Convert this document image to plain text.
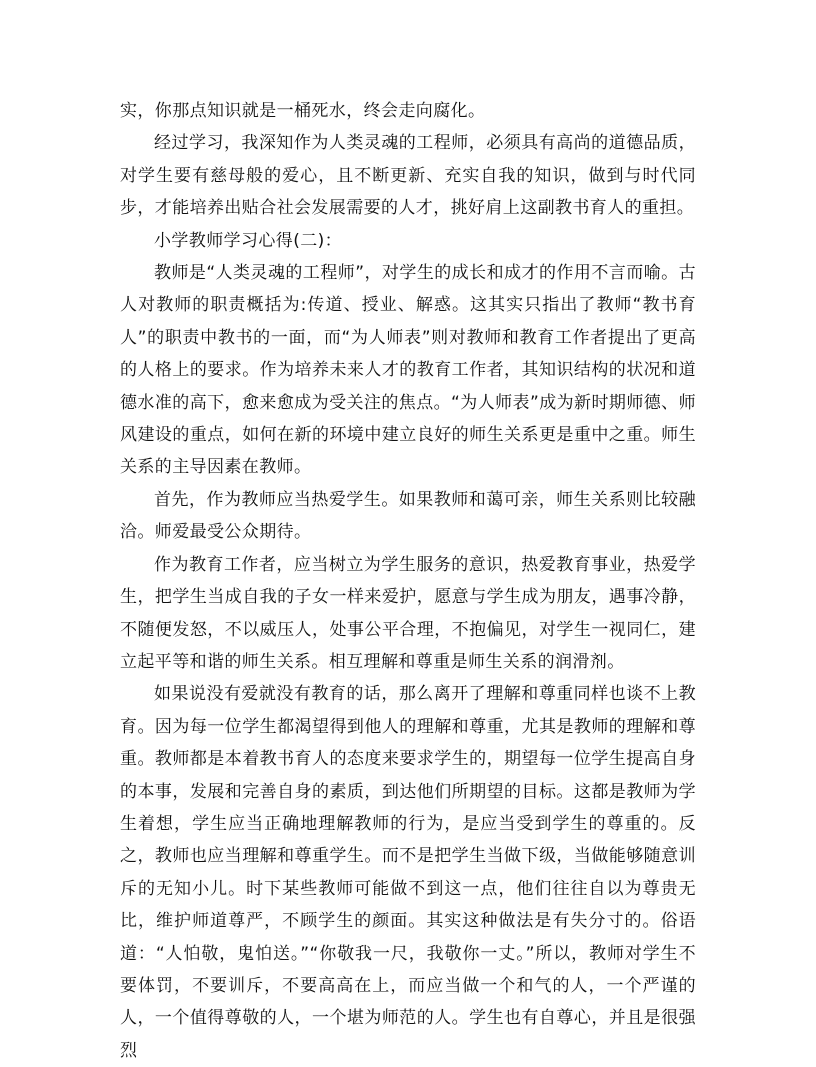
实，你那点知识就是一桶死水，终会走向腐化。

经过学习，我深知作为人类灵魂的工程师，必须具有高尚的道德品质，对学生要有慈母般的爱心，且不断更新、充实自我的知识，做到与时代同步，才能培养出贴合社会发展需要的人才，挑好肩上这副教书育人的重担。

小学教师学习心得(二)：

教师是“人类灵魂的工程师”，对学生的成长和成才的作用不言而喻。古人对教师的职责概括为:传道、授业、解惑。这其实只指出了教师“教书育人”的职责中教书的一面，而“为人师表”则对教师和教育工作者提出了更高的人格上的要求。作为培养未来人才的教育工作者，其知识结构的状况和道德水准的高下，愈来愈成为受关注的焦点。“为人师表”成为新时期师德、师风建设的重点，如何在新的环境中建立良好的师生关系更是重中之重。师生关系的主导因素在教师。

首先，作为教师应当热爱学生。如果教师和蔼可亲，师生关系则比较融洽。师爱最受公众期待。

作为教育工作者，应当树立为学生服务的意识，热爱教育事业，热爱学生，把学生当成自我的子女一样来爱护，愿意与学生成为朋友，遇事冷静，不随便发怒，不以威压人，处事公平合理，不抱偏见，对学生一视同仁，建立起平等和谐的师生关系。相互理解和尊重是师生关系的润滑剂。

如果说没有爱就没有教育的话，那么离开了理解和尊重同样也谈不上教育。因为每一位学生都渴望得到他人的理解和尊重，尤其是教师的理解和尊重。教师都是本着教书育人的态度来要求学生的，期望每一位学生提高自身的本事，发展和完善自身的素质，到达他们所期望的目标。这都是教师为学生着想，学生应当正确地理解教师的行为，是应当受到学生的尊重的。反之，教师也应当理解和尊重学生。而不是把学生当做下级，当做能够随意训斥的无知小儿。时下某些教师可能做不到这一点，他们往往自以为尊贵无比，维护师道尊严，不顾学生的颜面。其实这种做法是有失分寸的。俗语道：“人怕敬，鬼怕送。”“你敬我一尺，我敬你一丈。”所以，教师对学生不要体罚，不要训斥，不要高高在上，而应当做一个和气的人，一个严谨的人，一个值得尊敬的人，一个堪为师范的人。学生也有自尊心，并且是很强烈
